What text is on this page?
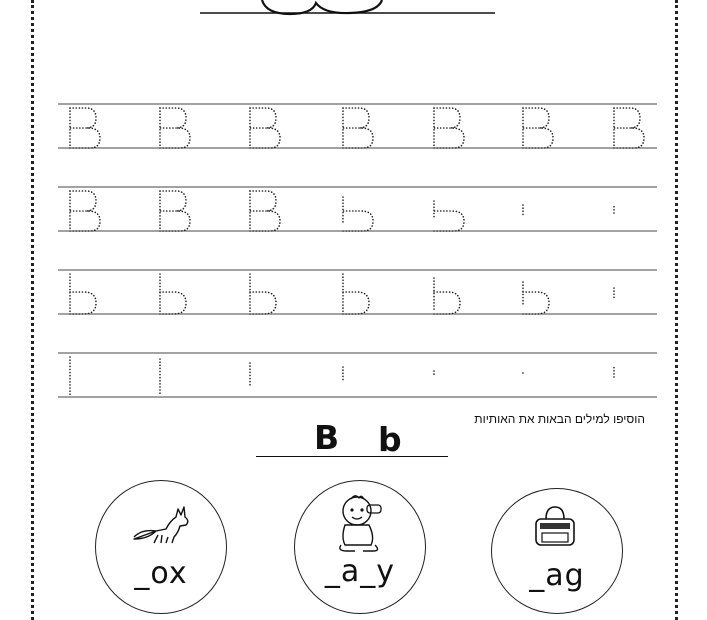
הוסיפו למילים הבאות את האותיות
B b
_ox	_a_y	_ag
